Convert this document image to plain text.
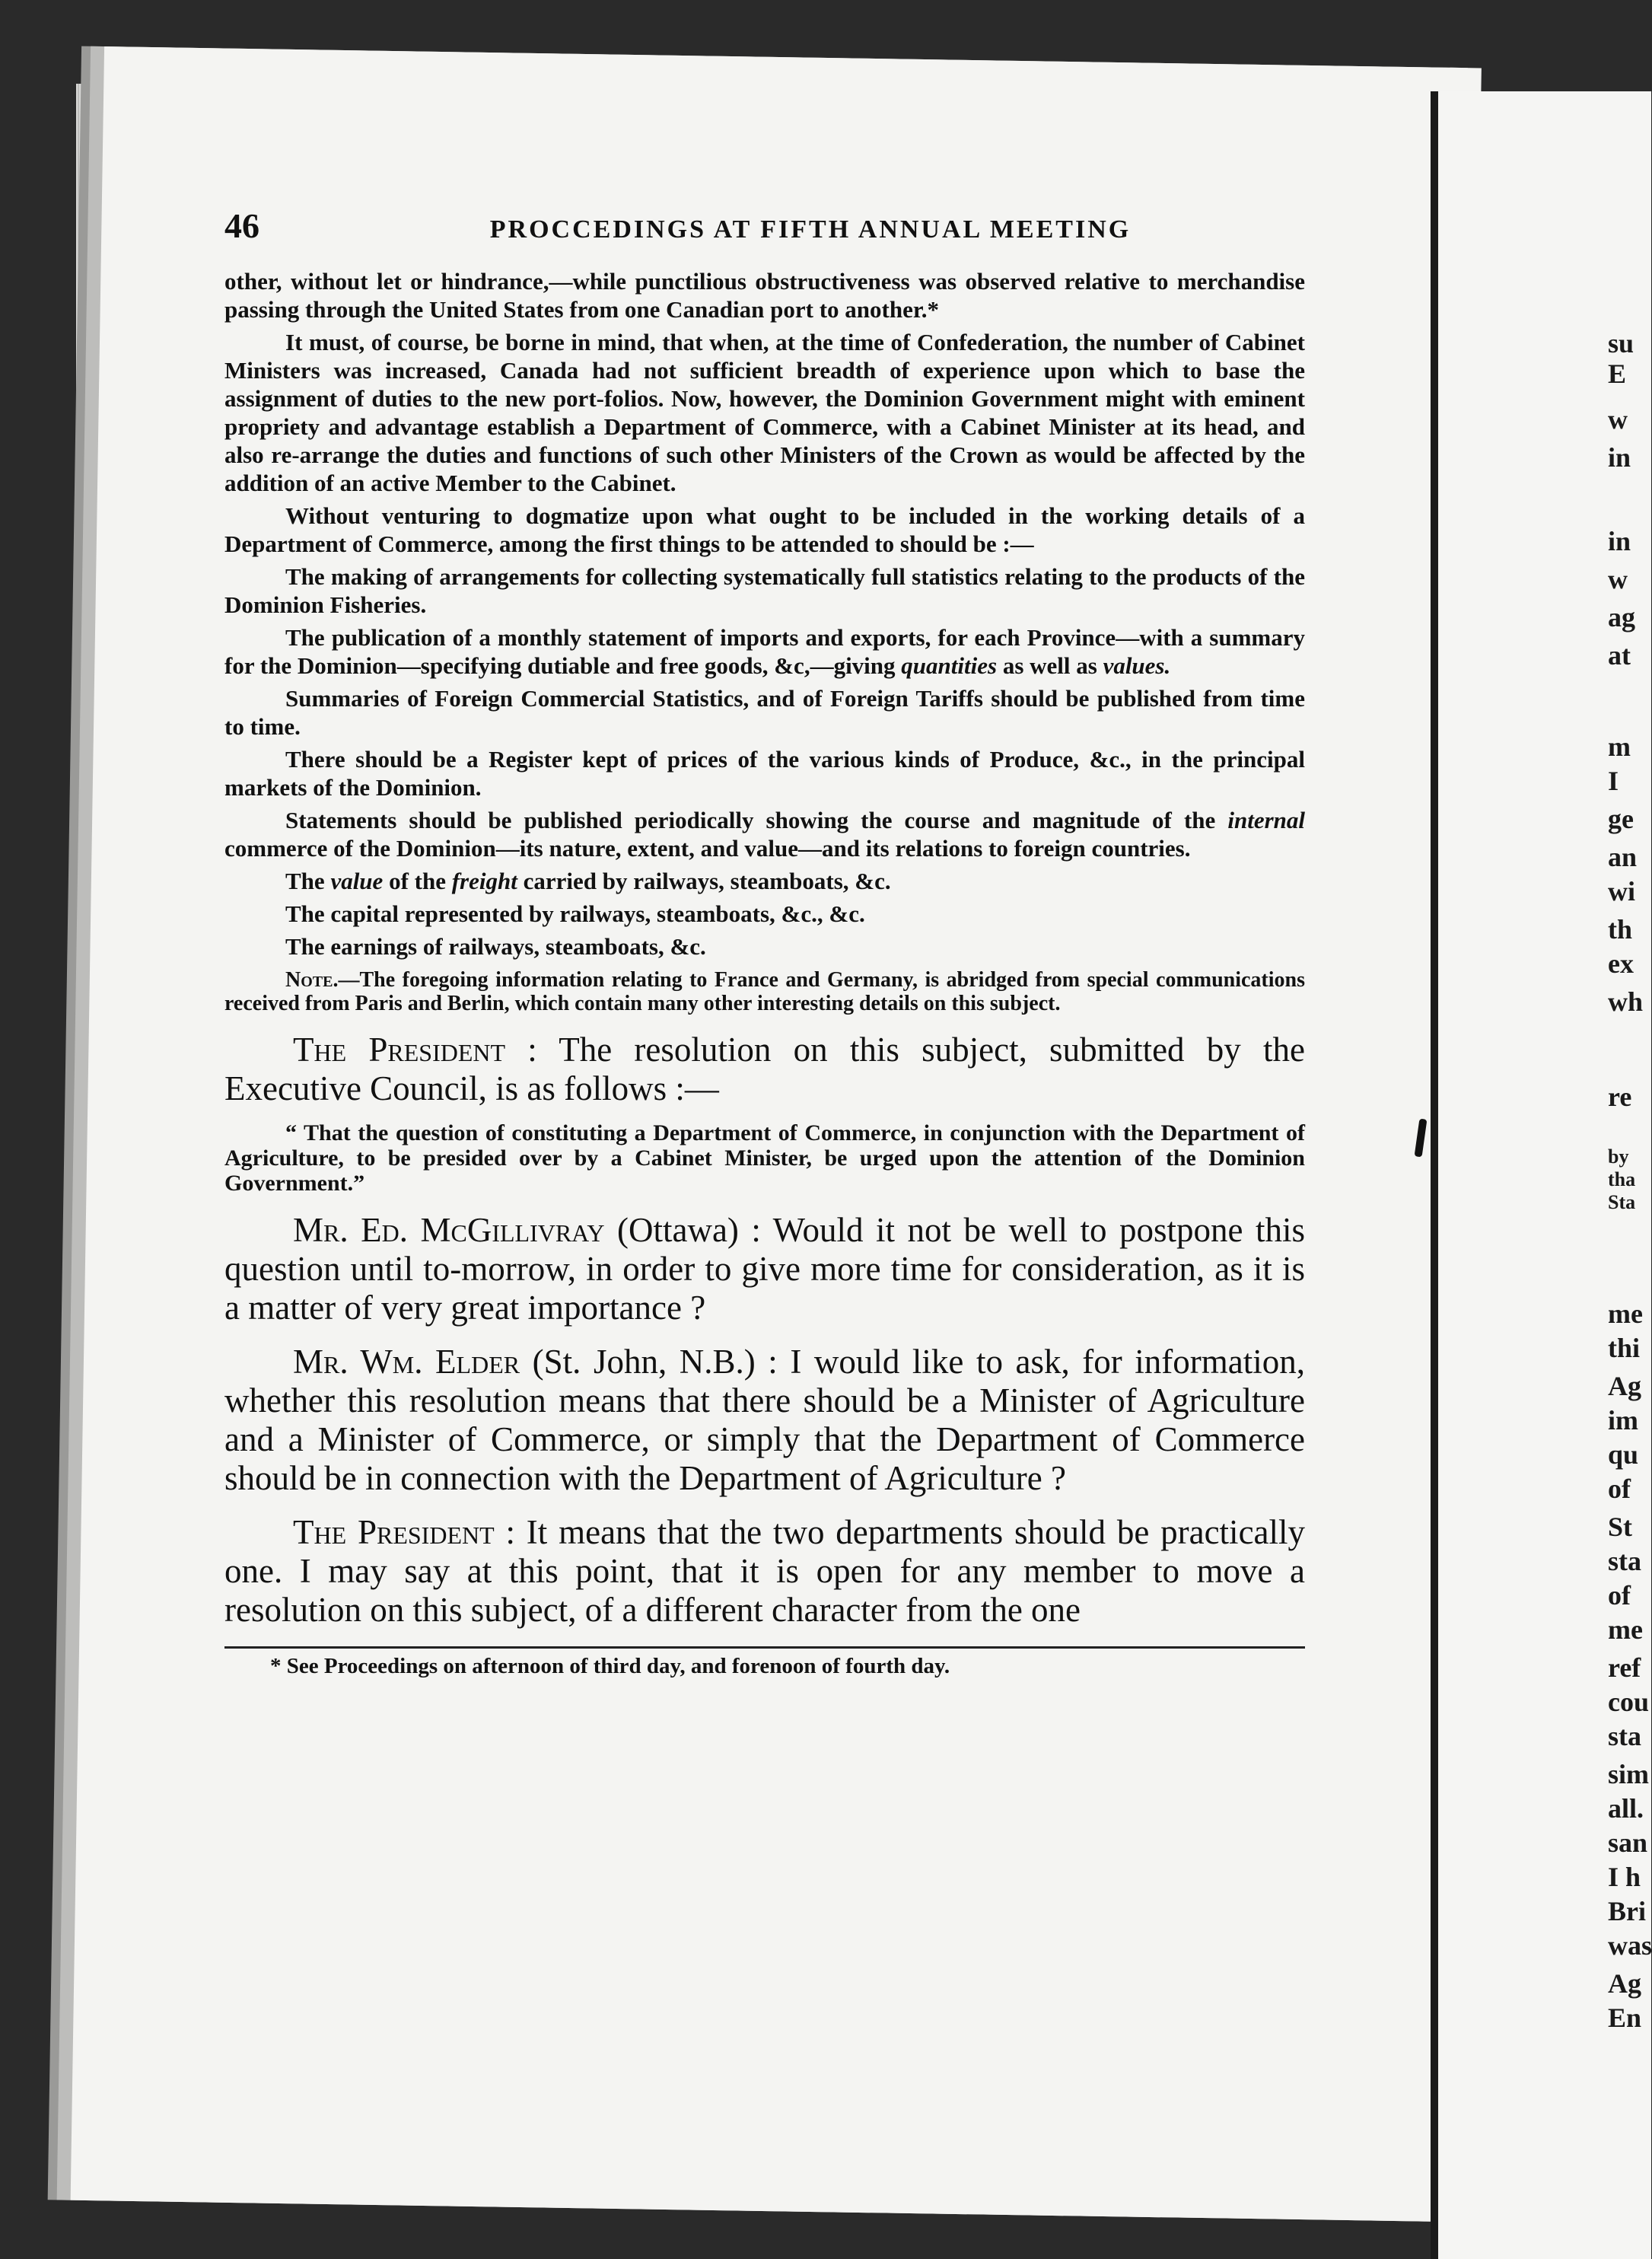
su
E
w
in
in
w
ag
at
m
I
ge
an
wi
th
ex
wh
re
by
tha
Sta
me
thi
Ag
im
qu
of
St
sta
of
me
ref
cou
sta
sim
all.
san
I h
Bri
was
Ag
En
46	PROCCEDINGS AT FIFTH ANNUAL MEETING

other, without let or hindrance,—while punctilious obstructiveness was observed relative to merchandise passing through the United States from one Canadian port to another.*

It must, of course, be borne in mind, that when, at the time of Confederation, the number of Cabinet Ministers was increased, Canada had not sufficient breadth of experience upon which to base the assignment of duties to the new port-folios. Now, however, the Dominion Government might with eminent propriety and advantage establish a Department of Commerce, with a Cabinet Minister at its head, and also re-arrange the duties and functions of such other Ministers of the Crown as would be affected by the addition of an active Member to the Cabinet.

Without venturing to dogmatize upon what ought to be included in the working details of a Department of Commerce, among the first things to be attended to should be :—

The making of arrangements for collecting systematically full statistics relating to the products of the Dominion Fisheries.

The publication of a monthly statement of imports and exports, for each Province—with a summary for the Dominion—specifying dutiable and free goods, &c,—giving quantities as well as values.

Summaries of Foreign Commercial Statistics, and of Foreign Tariffs should be published from time to time.

There should be a Register kept of prices of the various kinds of Produce, &c., in the principal markets of the Dominion.

Statements should be published periodically showing the course and magnitude of the internal commerce of the Dominion—its nature, extent, and value—and its relations to foreign countries.

The value of the freight carried by railways, steamboats, &c.

The capital represented by railways, steamboats, &c., &c.

The earnings of railways, steamboats, &c.

Note.—The foregoing information relating to France and Germany, is abridged from special communications received from Paris and Berlin, which contain many other interesting details on this subject.

The President : The resolution on this subject, submitted by the Executive Council, is as follows :—

“ That the question of constituting a Department of Commerce, in conjunction with the Department of Agriculture, to be presided over by a Cabinet Minister, be urged upon the attention of the Dominion Government.”

Mr. Ed. McGillivray (Ottawa) : Would it not be well to postpone this question until to-morrow, in order to give more time for consideration, as it is a matter of very great importance ?

Mr. Wm. Elder (St. John, N.B.) : I would like to ask, for information, whether this resolution means that there should be a Minister of Agriculture and a Minister of Commerce, or simply that the Department of Commerce should be in connection with the Department of Agriculture ?

The President : It means that the two departments should be practically one. I may say at this point, that it is open for any member to move a resolution on this subject, of a different character from the one

* See Proceedings on afternoon of third day, and forenoon of fourth day.
